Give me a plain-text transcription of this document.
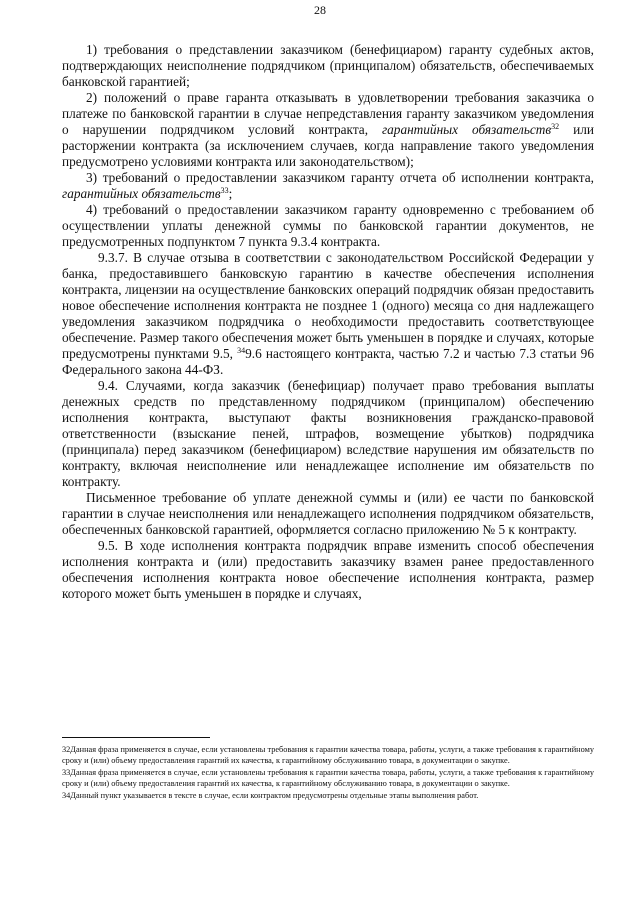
28

1) требования о представлении заказчиком (бенефициаром) гаранту судебных актов, подтверждающих неисполнение подрядчиком (принципалом) обязательств, обеспечиваемых банковской гарантией;

2) положений о праве гаранта отказывать в удовлетворении требования заказчика о платеже по банковской гарантии в случае непредставления гаранту заказчиком уведомления о нарушении подрядчиком условий контракта, гарантийных обязательств$^{32}$ или расторжении контракта (за исключением случаев, когда направление такого уведомления предусмотрено условиями контракта или законодательством);

3) требований о предоставлении заказчиком гаранту отчета об исполнении контракта, гарантийных обязательств$^{33}$;

4) требований о предоставлении заказчиком гаранту одновременно с требованием об осуществлении уплаты денежной суммы по банковской гарантии документов, не предусмотренных подпунктом 7 пункта 9.3.4 контракта.

9.3.7. В случае отзыва в соответствии с законодательством Российской Федерации у банка, предоставившего банковскую гарантию в качестве обеспечения исполнения контракта, лицензии на осуществление банковских операций подрядчик обязан предоставить новое обеспечение исполнения контракта не позднее 1 (одного) месяца со дня надлежащего уведомления заказчиком подрядчика о необходимости предоставить соответствующее обеспечение. Размер такого обеспечения может быть уменьшен в порядке и случаях, которые предусмотрены пунктами 9.5, $^{34}$9.6 настоящего контракта, частью 7.2 и частью 7.3 статьи 96 Федерального закона 44-ФЗ.

9.4. Случаями, когда заказчик (бенефициар) получает право требования выплаты денежных средств по представленному подрядчиком (принципалом) обеспечению исполнения контракта, выступают факты возникновения гражданско-правовой ответственности (взыскание пеней, штрафов, возмещение убытков) подрядчика (принципала) перед заказчиком (бенефициаром) вследствие нарушения им обязательств по контракту, включая неисполнение или ненадлежащее исполнение им обязательств по контракту.

Письменное требование об уплате денежной суммы и (или) ее части по банковской гарантии в случае неисполнения или ненадлежащего исполнения подрядчиком обязательств, обеспеченных банковской гарантией, оформляется согласно приложению № 5 к контракту.

9.5. В ходе исполнения контракта подрядчик вправе изменить способ обеспечения исполнения контракта и (или) предоставить заказчику взамен ранее предоставленного обеспечения исполнения контракта новое обеспечение исполнения контракта, размер которого может быть уменьшен в порядке и случаях,

32Данная фраза применяется в случае, если установлены требования к гарантии качества товара, работы, услуги, а также требования к гарантийному сроку и (или) объему предоставления гарантий их качества, к гарантийному обслуживанию товара, в документации о закупке.

33Данная фраза применяется в случае, если установлены требования к гарантии качества товара, работы, услуги, а также требования к гарантийному сроку и (или) объему предоставления гарантий их качества, к гарантийному обслуживанию товара, в документации о закупке.

34Данный пункт указывается в тексте в случае, если контрактом предусмотрены отдельные этапы выполнения работ.
